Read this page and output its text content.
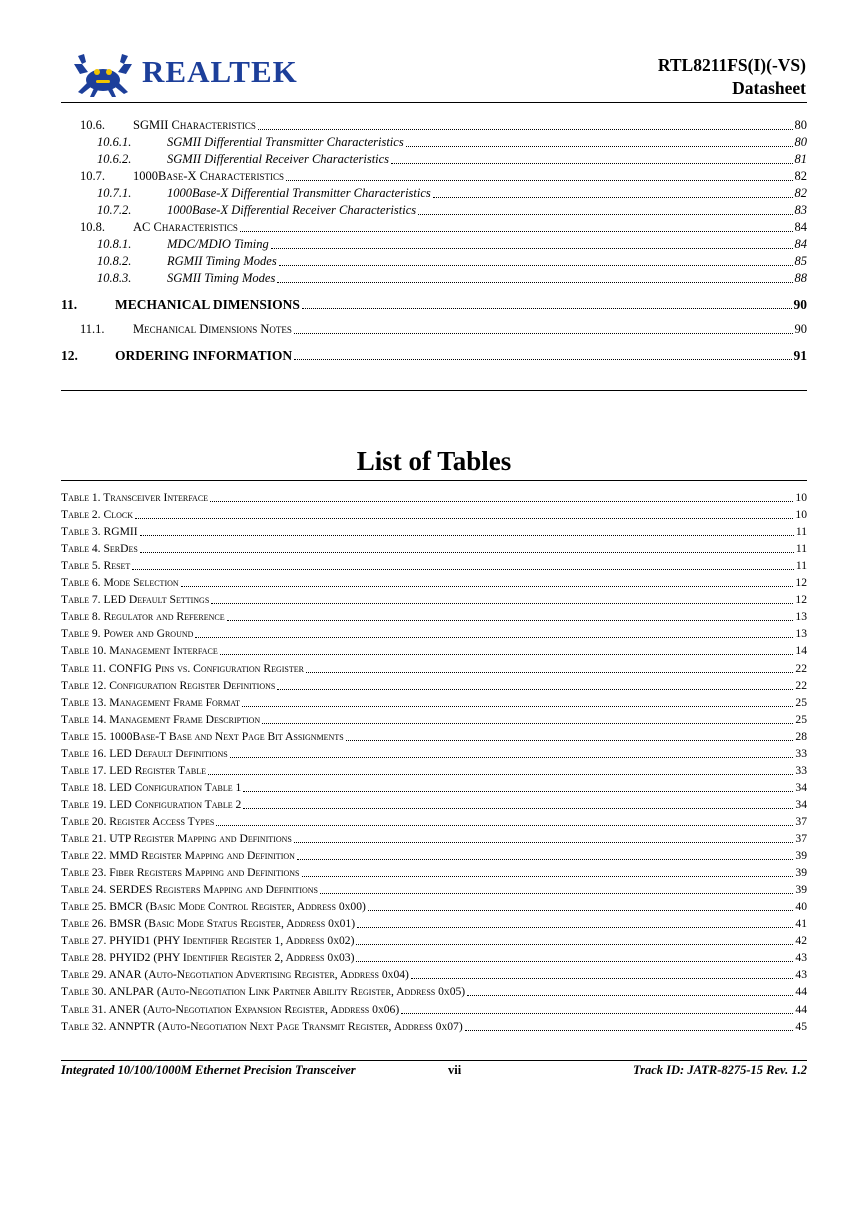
REALTEK	RTL8211FS(I)(-VS)
Datasheet
10.6. SGMII Characteristics	80
10.6.1.	SGMII Differential Transmitter Characteristics	80
10.6.2.	SGMII Differential Receiver Characteristics	81
10.7. 1000Base-X Characteristics	82
10.7.1.	1000Base-X Differential Transmitter Characteristics	82
10.7.2.	1000Base-X Differential Receiver Characteristics	83
10.8. AC Characteristics	84
10.8.1.	MDC/MDIO Timing	84
10.8.2.	RGMII Timing Modes	85
10.8.3.	SGMII Timing Modes	88
11.	MECHANICAL DIMENSIONS	90
11.1. Mechanical Dimensions Notes	90
12.	ORDERING INFORMATION	91
List of Tables
Table 1. Transceiver Interface	10
Table 2. Clock	10
Table 3. RGMII	11
Table 4. SerDes	11
Table 5. Reset	11
Table 6. Mode Selection	12
Table 7. LED Default Settings	12
Table 8. Regulator and Reference	13
Table 9. Power and Ground	13
Table 10. Management Interface	14
Table 11. CONFIG Pins vs. Configuration Register	22
Table 12. Configuration Register Definitions	22
Table 13. Management Frame Format	25
Table 14. Management Frame Description	25
Table 15. 1000Base-T Base and Next Page Bit Assignments	28
Table 16. LED Default Definitions	33
Table 17. LED Register Table	33
Table 18. LED Configuration Table 1	34
Table 19. LED Configuration Table 2	34
Table 20. Register Access Types	37
Table 21. UTP Register Mapping and Definitions	37
Table 22. MMD Register Mapping and Definition	39
Table 23. Fiber Registers Mapping and Definitions	39
Table 24. SERDES Registers Mapping and Definitions	39
Table 25. BMCR (Basic Mode Control Register, Address 0x00)	40
Table 26. BMSR (Basic Mode Status Register, Address 0x01)	41
Table 27. PHYID1 (PHY Identifier Register 1, Address 0x02)	42
Table 28. PHYID2 (PHY Identifier Register 2, Address 0x03)	43
Table 29. ANAR (Auto-Negotiation Advertising Register, Address 0x04)	43
Table 30. ANLPAR (Auto-Negotiation Link Partner Ability Register, Address 0x05)	44
Table 31. ANER (Auto-Negotiation Expansion Register, Address 0x06)	44
Table 32. ANNPTR (Auto-Negotiation Next Page Transmit Register, Address 0x07)	45
Integrated 10/100/1000M Ethernet Precision Transceiver	vii	Track ID: JATR-8275-15 Rev. 1.2
